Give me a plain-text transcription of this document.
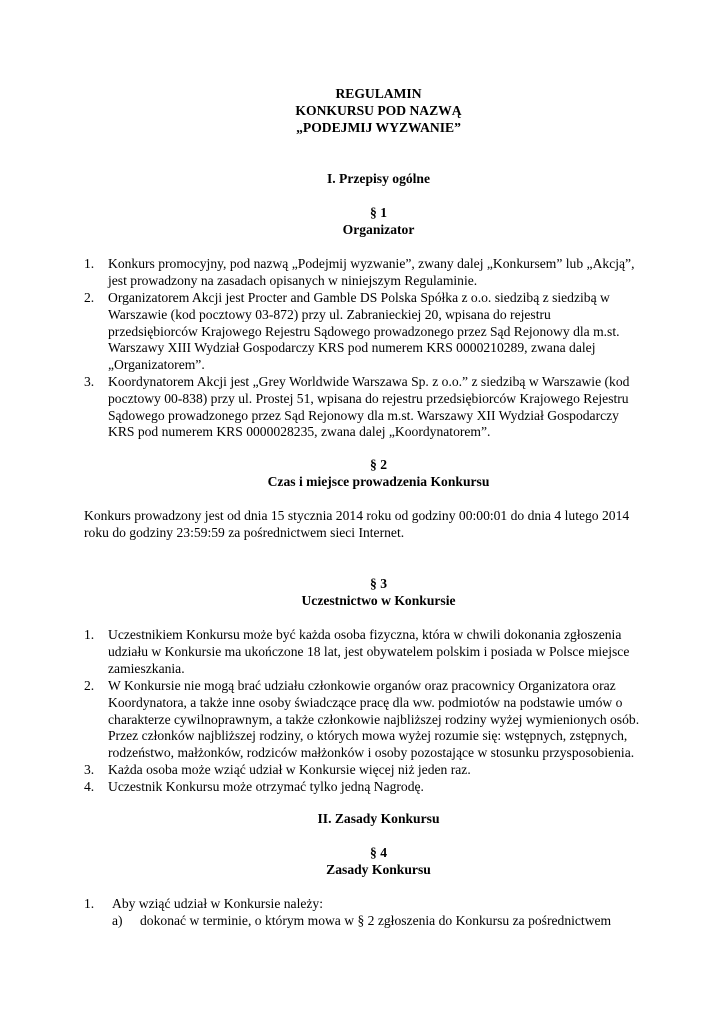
REGULAMIN
KONKURSU POD NAZWĄ
„PODEJMIJ WYZWANIE”
I. Przepisy ogólne
§ 1
Organizator
1. Konkurs promocyjny, pod nazwą „Podejmij wyzwanie”, zwany dalej „Konkursem” lub „Akcją”,
jest prowadzony na zasadach opisanych w niniejszym Regulaminie.
2. Organizatorem Akcji jest Procter and Gamble DS Polska Spółka z o.o. siedzibą z siedzibą w
Warszawie (kod pocztowy 03-872) przy ul. Zabranieckiej 20, wpisana do rejestru
przedsiębiorców Krajowego Rejestru Sądowego prowadzonego przez Sąd Rejonowy dla m.st.
Warszawy XIII Wydział Gospodarczy KRS pod numerem KRS 0000210289, zwana dalej
„Organizatorem”.
3. Koordynatorem Akcji jest „Grey Worldwide Warszawa Sp. z o.o.” z siedzibą w Warszawie (kod
pocztowy 00-838) przy ul. Prostej 51, wpisana do rejestru przedsiębiorców Krajowego Rejestru
Sądowego prowadzonego przez Sąd Rejonowy dla m.st. Warszawy XII Wydział Gospodarczy
KRS pod numerem KRS 0000028235, zwana dalej „Koordynatorem”.
§ 2
Czas i miejsce prowadzenia Konkursu
Konkurs prowadzony jest od dnia 15 stycznia 2014 roku od godziny 00:00:01 do dnia 4 lutego 2014
roku do godziny 23:59:59 za pośrednictwem sieci Internet.
§ 3
Uczestnictwo w Konkursie
1. Uczestnikiem Konkursu może być każda osoba fizyczna, która w chwili dokonania zgłoszenia
udziału w Konkursie ma ukończone 18 lat, jest obywatelem polskim i posiada w Polsce miejsce
zamieszkania.
2. W Konkursie nie mogą brać udziału członkowie organów oraz pracownicy Organizatora oraz
Koordynatora, a także inne osoby świadczące pracę dla ww. podmiotów na podstawie umów o
charakterze cywilnoprawnym, a także członkowie najbliższej rodziny wyżej wymienionych osób.
Przez członków najbliższej rodziny, o których mowa wyżej rozumie się: wstępnych, zstępnych,
rodzeństwo, małżonków, rodziców małżonków i osoby pozostające w stosunku przysposobienia.
3. Każda osoba może wziąć udział w Konkursie więcej niż jeden raz.
4. Uczestnik Konkursu może otrzymać tylko jedną Nagrodę.
II. Zasady Konkursu
§ 4
Zasady Konkursu
1. Aby wziąć udział w Konkursie należy:
a) dokonać w terminie, o którym mowa w § 2 zgłoszenia do Konkursu za pośrednictwem
